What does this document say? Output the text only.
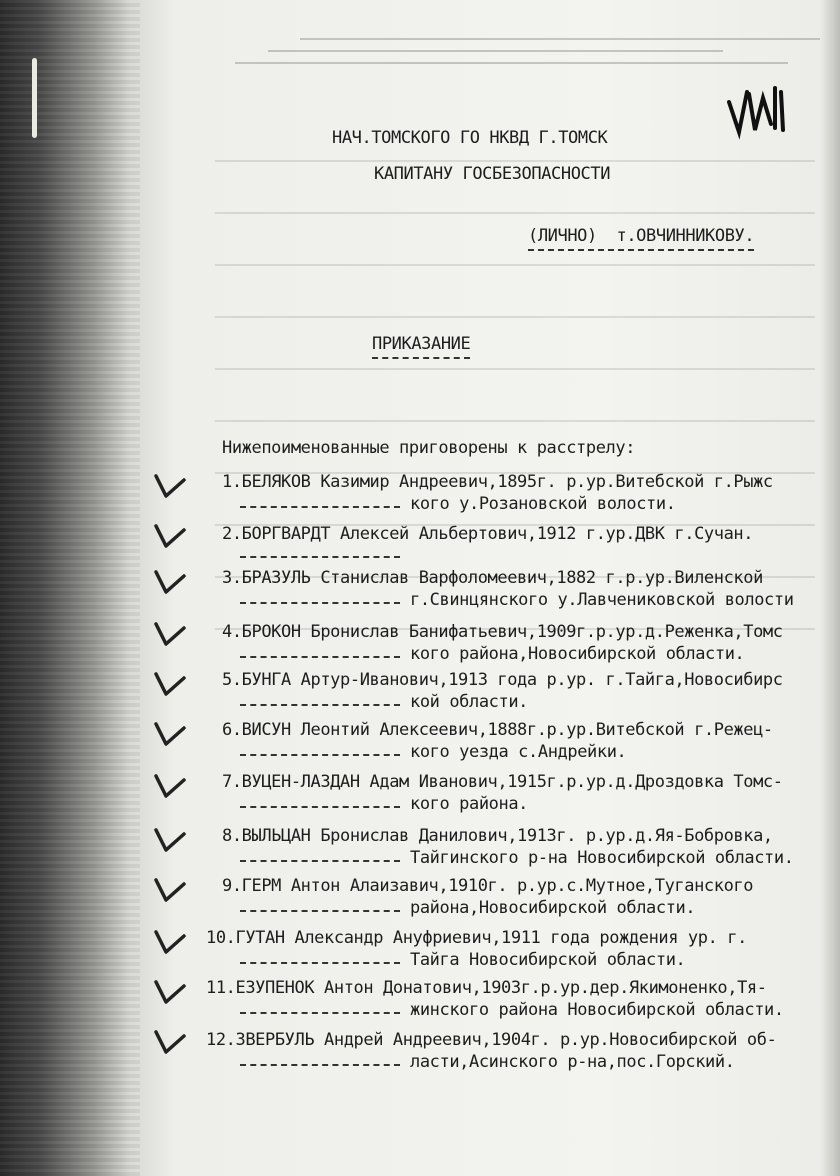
НАЧ.ТОМСКОГО ГО НКВД Г.ТОМСК
КАПИТАНУ ГОСБЕЗОПАСНОСТИ
(ЛИЧНО)  т.ОВЧИННИКОВУ.
ПРИКАЗАНИЕ
Нижепоименованные приговорены к расстрелу:
1.БЕЛЯКОВ Казимир Андреевич,1895г. р.ур.Витебской г.Рыжс
кого у.Розановской волости.
2.БОРГВАРДТ Алексей Альбертович,1912 г.ур.ДВК г.Сучан.
3.БРАЗУЛЬ Станислав Варфоломеевич,1882 г.р.ур.Виленской
г.Свинцянского у.Лавчениковской волости
4.БРОКОН Бронислав Банифатьевич,1909г.р.ур.д.Реженка,Томс
кого района,Новосибирской области.
5.БУНГА Артур-Иванович,1913 года р.ур. г.Тайга,Новосибирс
кой области.
6.ВИСУН Леонтий Алексеевич,1888г.р.ур.Витебской г.Режец-
кого уезда с.Андрейки.
7.ВУЦЕН-ЛАЗДАН Адам Иванович,1915г.р.ур.д.Дроздовка Томс-
кого района.
8.ВЫЛЬЦАН Бронислав Данилович,1913г. р.ур.д.Яя-Бобровка,
Тайгинского р-на Новосибирской области.
9.ГЕРМ Антон Алаизавич,1910г. р.ур.с.Мутное,Туганского
района,Новосибирской области.
10.ГУТАН Александр Ануфриевич,1911 года рождения ур. г.
Тайга Новосибирской области.
11.ЕЗУПЕНОК Антон Донатович,1903г.р.ур.дер.Якимоненко,Тя-
жинского района Новосибирской области.
12.ЗВЕРБУЛЬ Андрей Андреевич,1904г. р.ур.Новосибирской об-
ласти,Асинского р-на,пос.Горский.
